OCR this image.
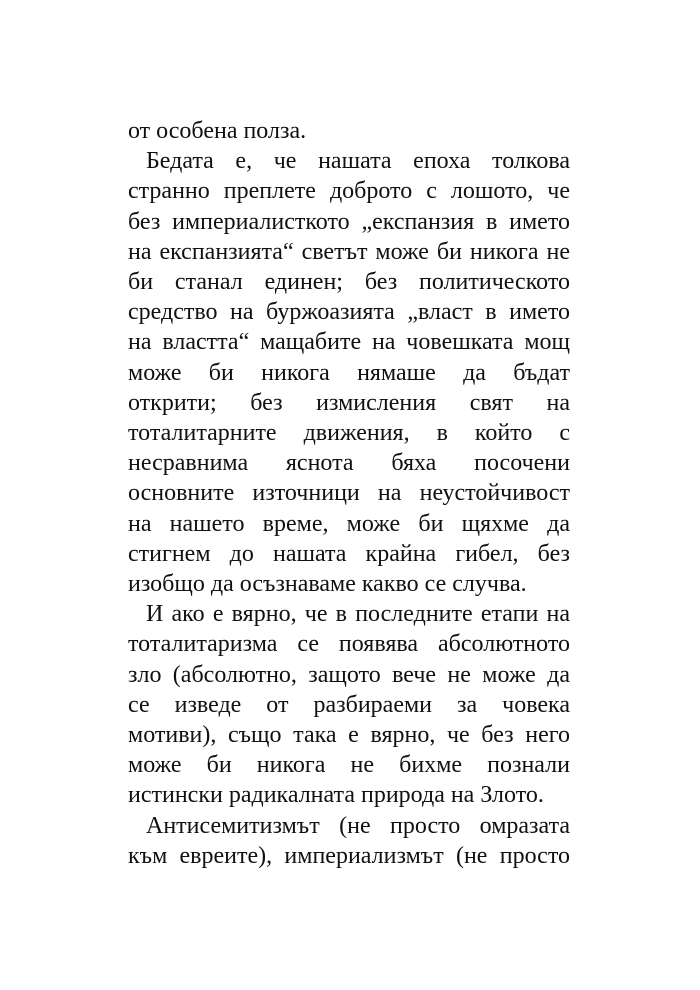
от особена полза.

Бедата е, че нашата епоха толкова
странно преплете доброто с лошото, че
без империалисткото „експанзия в името
на експанзията“ светът може би никога не
би станал единен; без политическото
средство на буржоазията „власт в името
на властта“ мащабите на човешката мощ
може би никога нямаше да бъдат
открити; без измисления свят на
тоталитарните движения, в който с
несравнима яснота бяха посочени
основните източници на неустойчивост
на нашето време, може би щяхме да
стигнем до нашата крайна гибел, без
изобщо да осъзнаваме какво се случва.

И ако е вярно, че в последните етапи на
тоталитаризма се появява абсолютното
зло (абсолютно, защото вече не може да
се изведе от разбираеми за човека
мотиви), също така е вярно, че без него
може би никога не бихме познали
истински радикалната природа на Злото.

Антисемитизмът (не просто омразата
към евреите), империализмът (не просто
